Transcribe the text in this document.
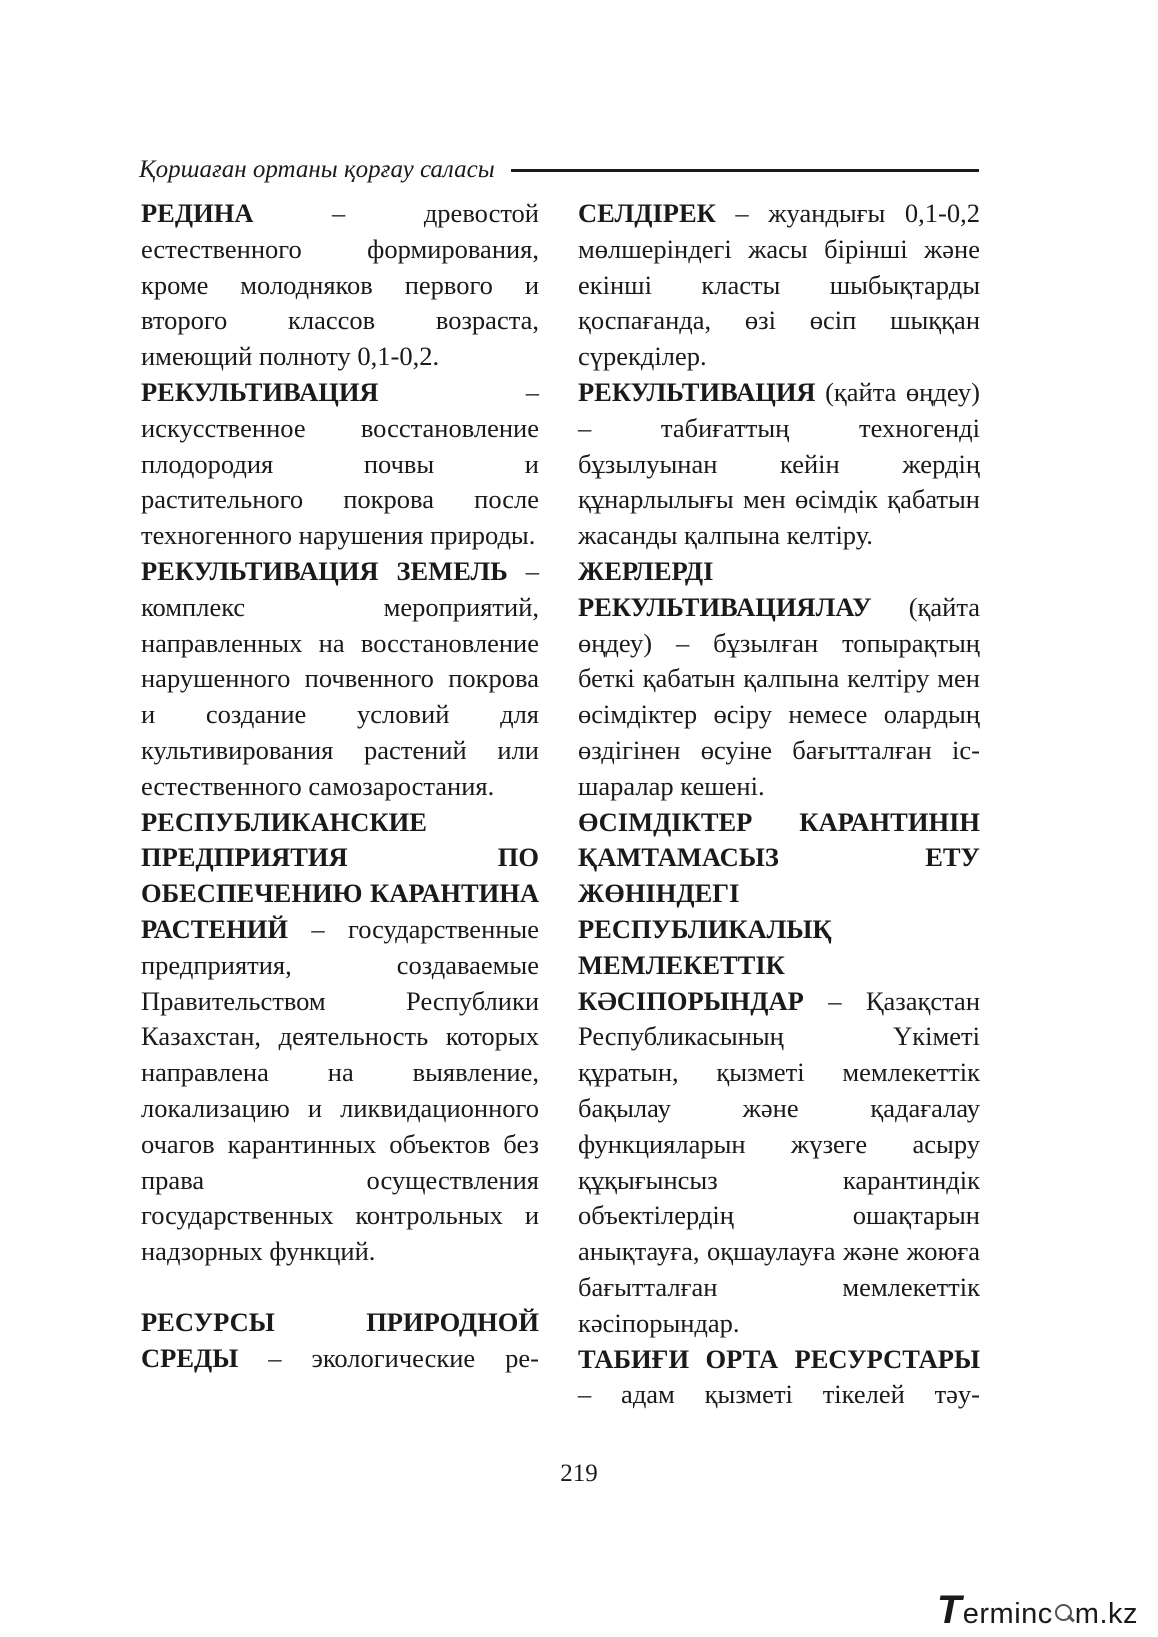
Қоршаған ортаны қорғау саласы

РЕДИНА – древостой естественного формирования, кроме молодняков первого и второго классов возраста, имеющий полноту 0,1-0,2.

РЕКУЛЬТИВАЦИЯ – искусственное восстановление плодородия почвы и растительного покрова после техногенного нарушения природы.

РЕКУЛЬТИВАЦИЯ ЗЕМЕЛЬ – комплекс мероприятий, направленных на восстановление нарушенного почвенного покрова и создание условий для культивирования растений или естественного самозаростания.

РЕСПУБЛИКАНСКИЕ ПРЕДПРИЯТИЯ ПО ОБЕСПЕЧЕНИЮ КАРАНТИНА РАСТЕНИЙ – государственные предприятия, создаваемые Правительством Республики Казахстан, деятельность которых направлена на выявление, локализацию и ликвидационного очагов карантинных объектов без права осуществления государственных контрольных и надзорных функций.

РЕСУРСЫ ПРИРОДНОЙ СРЕДЫ – экологические ре-

СЕЛДІРЕК – жуандығы 0,1-0,2 мөлшеріндегі жасы бірінші және екінші класты шыбықтарды қоспағанда, өзі өсіп шыққан сүрекділер.

РЕКУЛЬТИВАЦИЯ (қайта өңдеу) – табиғаттың техногенді бұзылуынан кейін жердің құнарлылығы мен өсімдік қабатын жасанды қалпына келтіру.

ЖЕРЛЕРДІ РЕКУЛЬТИВАЦИЯЛАУ (қайта өңдеу) – бұзылған топырақтың беткі қабатын қалпына келтіру мен өсімдіктер өсіру немесе олардың өздігінен өсуіне бағытталған іс-шаралар кешені.

ӨСІМДІКТЕР КАРАНТИНІН ҚАМТАМАСЫЗ ЕТУ ЖӨНІНДЕГІ РЕСПУБЛИКАЛЫҚ МЕМЛЕКЕТТІК КӘСІПОРЫНДАР – Қазақстан Республикасының Үкіметі құратын, қызметі мемлекеттік бақылау және қадағалау функцияларын жүзеге асыру құқығынсыз карантиндік объектілердің ошақтарын анықтауға, оқшаулауға және жоюға бағытталған мемлекеттік кәсіпорындар.

ТАБИҒИ ОРТА РЕСУРСТАРЫ – адам қызметі тікелей тәу-

219
T erminc m.kz
